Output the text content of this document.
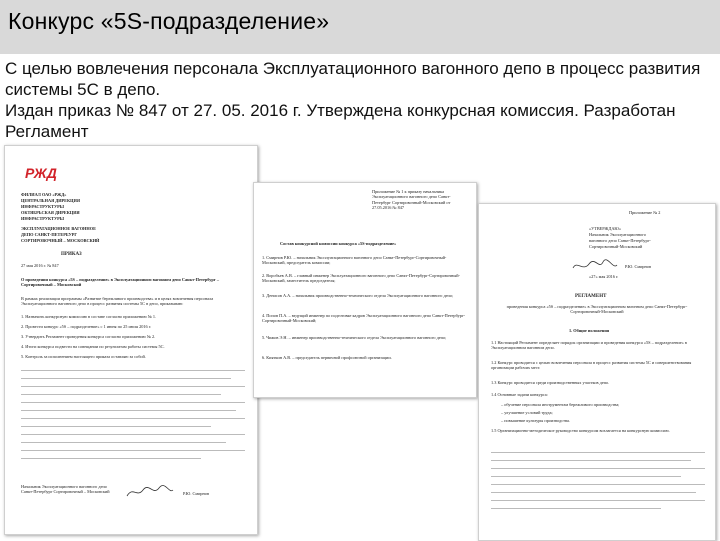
Конкурс «5S-подразделение»

С целью вовлечения персонала Эксплуатационного вагонного депо в процесс развития системы 5С в депо.

Издан приказ № 847 от 27. 05. 2016 г. Утверждена конкурсная комиссия. Разработан Регламент

РЖД
ФИЛИАЛ ОАО «РЖД»
ЦЕНТРАЛЬНАЯ ДИРЕКЦИЯ
ИНФРАСТРУКТУРЫ
ОКТЯБРЬСКАЯ ДИРЕКЦИЯ
ИНФРАСТРУКТУРЫ
ЭКСПЛУАТАЦИОННОЕ ВАГОННОЕ
ДЕПО САНКТ-ПЕТЕРБУРГ
СОРТИРОВОЧНЫЙ – МОСКОВСКИЙ
ПРИКАЗ
27 мая 2016 г. № 847
О проведении конкурса «5S – подразделение» в Эксплуатационном вагонном депо Санкт-Петербург – Сортировочный – Московский
В рамках реализации программы «Развитие бережливого производства» и в целях вовлечения персонала Эксплуатационного вагонного депо в процесс развития системы 5С в депо, приказываю:
1. Назначить конкурсную комиссию в составе согласно приложению № 1.
2. Провести конкурс «5S – подразделение» с 1 июня по 25 июля 2016 г.
3. Утвердить Регламент проведения конкурса согласно приложению № 2.
4. Итоги конкурса подвести на совещании по результатам работы системы 5С.
5. Контроль за исполнением настоящего приказа оставляю за собой.
Начальник Эксплуатационного вагонного депо Санкт-Петербург Сортировочный – Московский	Р.Ю. Смирнов
Приложение № 1 к приказу начальника Эксплуатационного вагонного депо Санкт-Петербург Сортировочный-Московский от 27.05.2016 № 847
Состав конкурсной комиссии конкурса «5S-подразделение»
1. Смирнов Р.Ю. – начальник Эксплуатационного вагонного депо Санкт-Петербург-Сортировочный-Московский, председатель комиссии;
2. Воробьев А.В. – главный инженер Эксплуатационного вагонного депо Санкт-Петербург-Сортировочный-Московский, заместитель председателя;
3. Денисов А.А. – начальник производственно-технического отдела Эксплуатационного вагонного депо;
4. Попов П.А. – ведущий инженер по подготовке кадров Эксплуатационного вагонного депо Санкт-Петербург-Сортировочный-Московский;
5. Чижов Э.Н. – инженер производственно-технического отдела Эксплуатационного вагонного депо;
6. Кияткин А.В. – председатель первичной профсоюзной организации.
Приложение № 2
«УТВЕРЖДАЮ»
Начальник Эксплуатационного
вагонного депо Санкт-Петербург-
Сортировочный-Московский
Р.Ю. Смирнов
«27» мая 2016 г.
РЕГЛАМЕНТ
проведения конкурса «5S – подразделение» в Эксплуатационном вагонном депо Санкт-Петербург-Сортировочный-Московский
1. Общие положения
1.1 Настоящий Регламент определяет порядок организации и проведения конкурса «5S – подразделение» в Эксплуатационном вагонном депо.
1.2 Конкурс проводится с целью вовлечения персонала в процесс развития системы 5С и совершенствования организации рабочих мест.
1.3 Конкурс проводится среди производственных участков депо.
1.4 Основные задачи конкурса:
– обучение персонала инструментам бережливого производства;
– улучшение условий труда;
– повышение культуры производства.
1.5 Организационно-методическое руководство конкурсом возлагается на конкурсную комиссию.
